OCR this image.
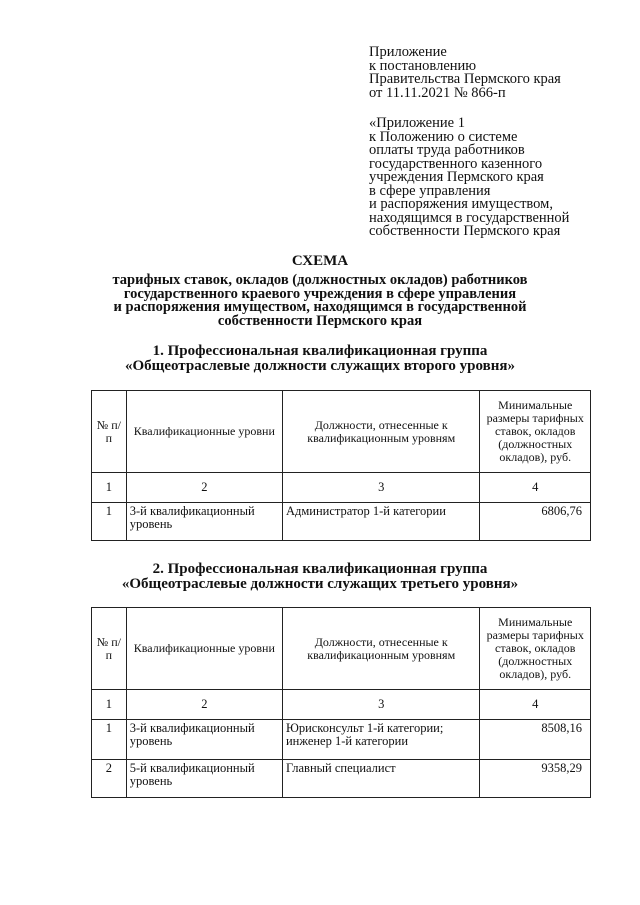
Приложение
к постановлению
Правительства Пермского края
от 11.11.2021 № 866-п
«Приложение 1
к Положению о системе
оплаты труда работников
государственного казенного
учреждения Пермского края
в сфере управления
и распоряжения имуществом,
находящимся в государственной
собственности Пермского края
СХЕМА
тарифных ставок, окладов (должностных окладов) работников
государственного краевого учреждения в сфере управления
и распоряжения имуществом, находящимся в государственной
собственности Пермского края
1. Профессиональная квалификационная группа
«Общеотраслевые должности служащих второго уровня»
№ п/п	Квалификационные уровни	Должности, отнесенные к квалификационным уровням	Минимальные размеры тарифных ставок, окладов (должностных окладов), руб.
1	2	3	4
1	3-й квалификационный уровень	Администратор 1-й категории	6806,76
2. Профессиональная квалификационная группа
«Общеотраслевые должности служащих третьего уровня»
№ п/п	Квалификационные уровни	Должности, отнесенные к квалификационным уровням	Минимальные размеры тарифных ставок, окладов (должностных окладов), руб.
1	2	3	4
1	3-й квалификационный уровень	Юрисконсульт 1-й категории; инженер 1-й категории	8508,16
2	5-й квалификационный уровень	Главный специалист	9358,29
